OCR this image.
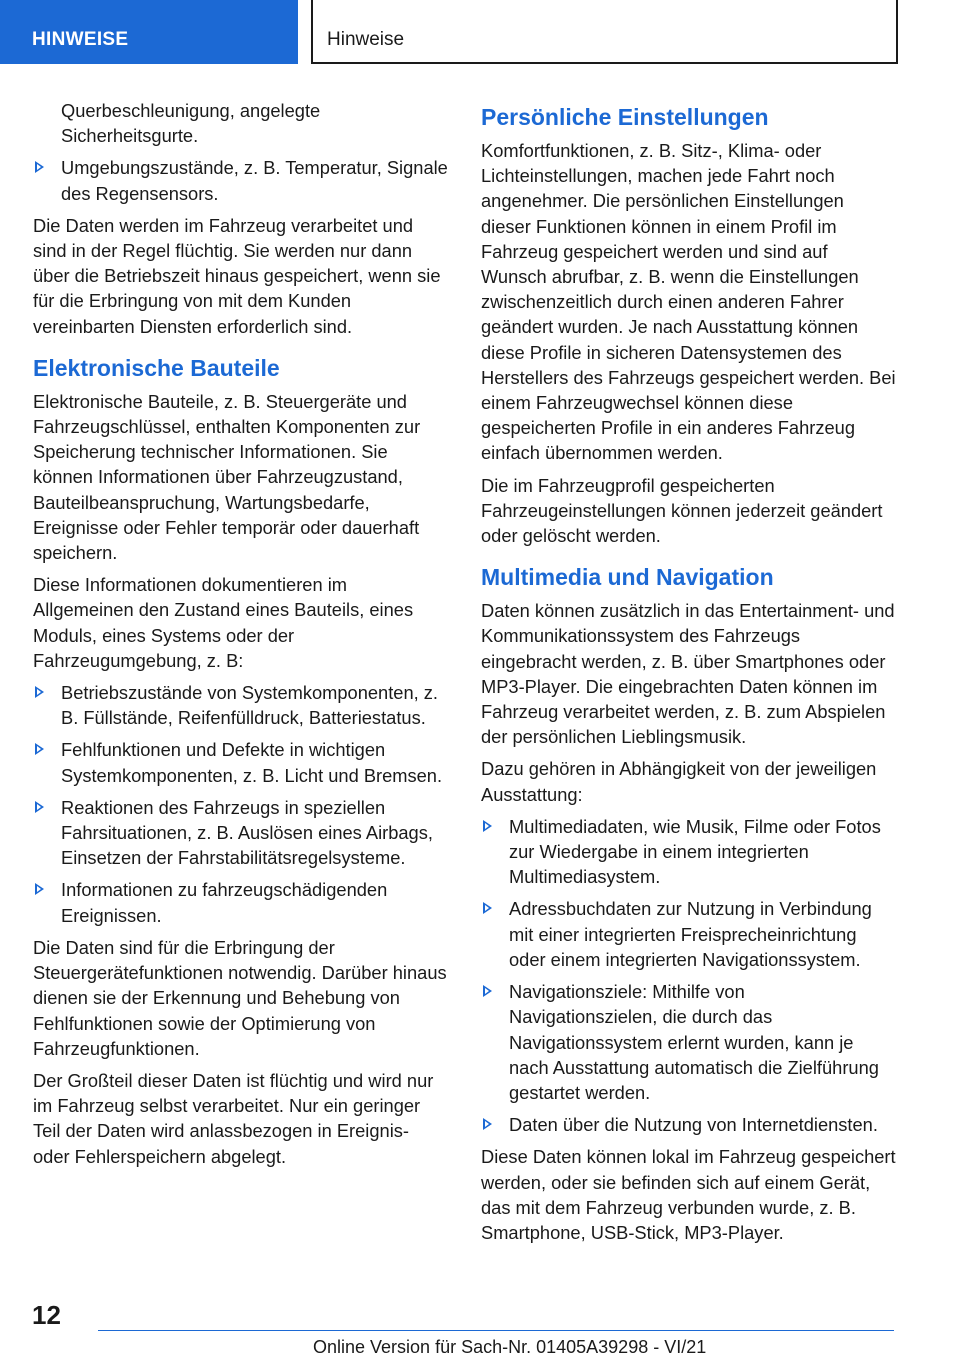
HINWEISE	Hinweise

Querbeschleunigung, angelegte Sicherheitsgurte.

Umgebungszustände, z. B. Temperatur, Signale des Regensensors.

Die Daten werden im Fahrzeug verarbeitet und sind in der Regel flüchtig. Sie werden nur dann über die Betriebszeit hinaus gespeichert, wenn sie für die Erbringung von mit dem Kunden vereinbarten Diensten erforderlich sind.

Elektronische Bauteile

Elektronische Bauteile, z. B. Steuergeräte und Fahrzeugschlüssel, enthalten Komponenten zur Speicherung technischer Informationen. Sie können Informationen über Fahrzeugzustand, Bauteilbeanspruchung, Wartungsbedarfe, Ereignisse oder Fehler temporär oder dauerhaft speichern.

Diese Informationen dokumentieren im Allgemeinen den Zustand eines Bauteils, eines Moduls, eines Systems oder der Fahrzeugumgebung, z. B:

Betriebszustände von Systemkomponenten, z. B. Füllstände, Reifenfülldruck, Batteriestatus.
Fehlfunktionen und Defekte in wichtigen Systemkomponenten, z. B. Licht und Bremsen.
Reaktionen des Fahrzeugs in speziellen Fahrsituationen, z. B. Auslösen eines Airbags, Einsetzen der Fahrstabilitätsregelsysteme.
Informationen zu fahrzeugschädigenden Ereignissen.

Die Daten sind für die Erbringung der Steuergerätefunktionen notwendig. Darüber hinaus dienen sie der Erkennung und Behebung von Fehlfunktionen sowie der Optimierung von Fahrzeugfunktionen.

Der Großteil dieser Daten ist flüchtig und wird nur im Fahrzeug selbst verarbeitet. Nur ein geringer Teil der Daten wird anlassbezogen in Ereignis- oder Fehlerspeichern abgelegt.

Persönliche Einstellungen

Komfortfunktionen, z. B. Sitz-, Klima- oder Lichteinstellungen, machen jede Fahrt noch angenehmer. Die persönlichen Einstellungen dieser Funktionen können in einem Profil im Fahrzeug gespeichert werden und sind auf Wunsch abrufbar, z. B. wenn die Einstellungen zwischenzeitlich durch einen anderen Fahrer geändert wurden. Je nach Ausstattung können diese Profile in sicheren Datensystemen des Herstellers des Fahrzeugs gespeichert werden. Bei einem Fahrzeugwechsel können diese gespeicherten Profile in ein anderes Fahrzeug einfach übernommen werden.

Die im Fahrzeugprofil gespeicherten Fahrzeugeinstellungen können jederzeit geändert oder gelöscht werden.

Multimedia und Navigation

Daten können zusätzlich in das Entertainment- und Kommunikationssystem des Fahrzeugs eingebracht werden, z. B. über Smartphones oder MP3-Player. Die eingebrachten Daten können im Fahrzeug verarbeitet werden, z. B. zum Abspielen der persönlichen Lieblingsmusik.

Dazu gehören in Abhängigkeit von der jeweiligen Ausstattung:

Multimediadaten, wie Musik, Filme oder Fotos zur Wiedergabe in einem integrierten Multimediasystem.
Adressbuchdaten zur Nutzung in Verbindung mit einer integrierten Freisprecheinrichtung oder einem integrierten Navigationssystem.
Navigationsziele: Mithilfe von Navigationszielen, die durch das Navigationssystem erlernt wurden, kann je nach Ausstattung automatisch die Zielführung gestartet werden.
Daten über die Nutzung von Internetdiensten.

Diese Daten können lokal im Fahrzeug gespeichert werden, oder sie befinden sich auf einem Gerät, das mit dem Fahrzeug verbunden wurde, z. B. Smartphone, USB-Stick, MP3-Player.

12
Online Version für Sach-Nr. 01405A39298 - VI/21
